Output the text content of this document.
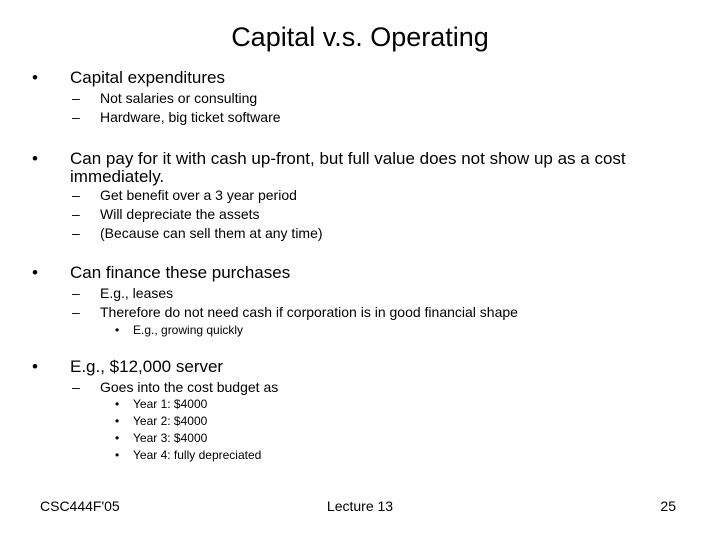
Capital v.s. Operating
• Capital expenditures
– Not salaries or consulting
– Hardware, big ticket software
• Can pay for it with cash up-front, but full value does not show up as a cost immediately.
– Get benefit over a 3 year period
– Will depreciate the assets
– (Because can sell them at any time)
• Can finance these purchases
– E.g., leases
– Therefore do not need cash if corporation is in good financial shape
• E.g., growing quickly
• E.g., $12,000 server
– Goes into the cost budget as
• Year 1: $4000
• Year 2: $4000
• Year 3: $4000
• Year 4: fully depreciated
CSC444F'05	Lecture 13	25
